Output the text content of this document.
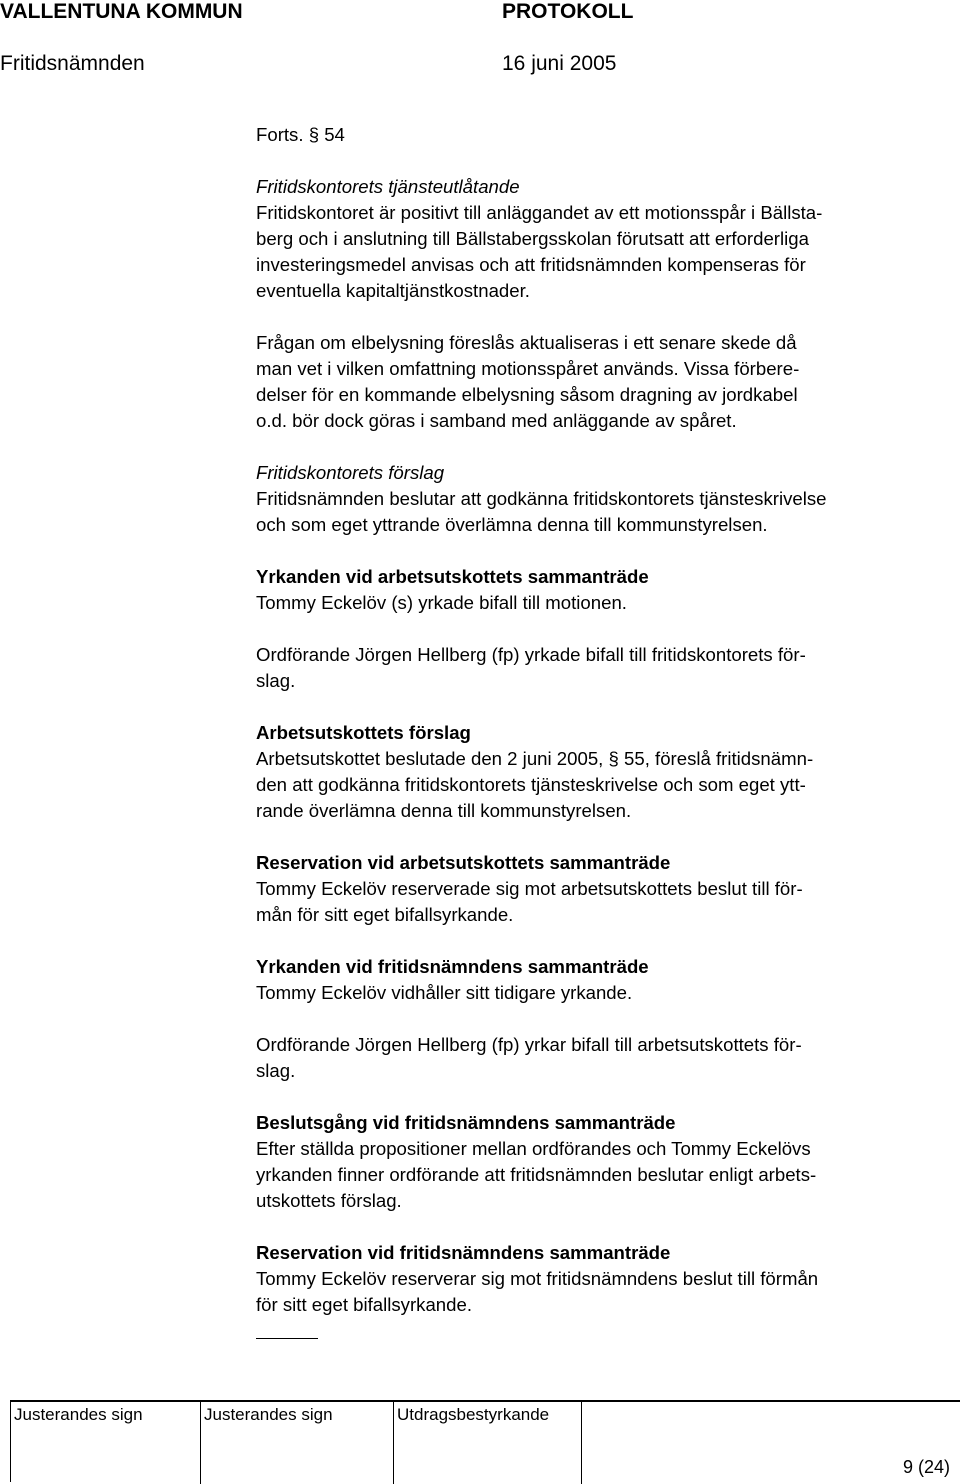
VALLENTUNA KOMMUN	PROTOKOLL
Fritidsnämnden	16 juni 2005

Forts. § 54

Fritidskontorets tjänsteutlåtande

Fritidskontoret är positivt till anläggandet av ett motionsspår i Bällsta-

berg och i anslutning till Bällstabergsskolan förutsatt att erforderliga

investeringsmedel anvisas och att fritidsnämnden kompenseras för

eventuella kapitaltjänstkostnader.

Frågan om elbelysning föreslås aktualiseras i ett senare skede då

man vet i vilken omfattning motionsspåret används. Vissa förbere-

delser för en kommande elbelysning såsom dragning av jordkabel

o.d. bör dock göras i samband med anläggande av spåret.

Fritidskontorets förslag

Fritidsnämnden beslutar att godkänna fritidskontorets tjänsteskrivelse

och som eget yttrande överlämna denna till kommunstyrelsen.

Yrkanden vid arbetsutskottets sammanträde

Tommy Eckelöv (s) yrkade bifall till motionen.

Ordförande Jörgen Hellberg (fp) yrkade bifall till fritidskontorets för-

slag.

Arbetsutskottets förslag

Arbetsutskottet beslutade den 2 juni 2005, § 55, föreslå fritidsnämn-

den att godkänna fritidskontorets tjänsteskrivelse och som eget ytt-

rande överlämna denna till kommunstyrelsen.

Reservation vid arbetsutskottets sammanträde

Tommy Eckelöv reserverade sig mot arbetsutskottets beslut till för-

mån för sitt eget bifallsyrkande.

Yrkanden vid fritidsnämndens sammanträde

Tommy Eckelöv vidhåller sitt tidigare yrkande.

Ordförande Jörgen Hellberg (fp) yrkar bifall till arbetsutskottets för-

slag.

Beslutsgång vid fritidsnämndens sammanträde

Efter ställda propositioner mellan ordförandes och Tommy Eckelövs

yrkanden finner ordförande att fritidsnämnden beslutar enligt arbets-

utskottets förslag.

Reservation vid fritidsnämndens sammanträde

Tommy Eckelöv reserverar sig mot fritidsnämndens beslut till förmån

för sitt eget bifallsyrkande.

Justerandes sign	Justerandes sign	Utdragsbestyrkande
9 (24)
